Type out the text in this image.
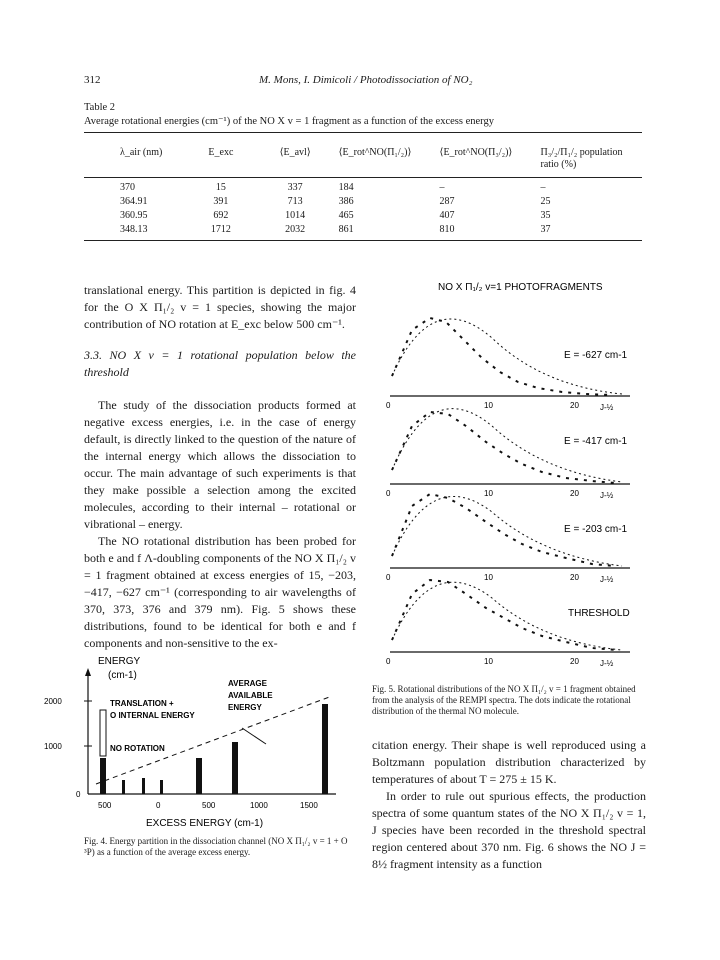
312	M. Mons, I. Dimicoli / Photodissociation of NO₂
Table 2
Average rotational energies (cm⁻¹) of the NO X v = 1 fragment as a function of the excess energy
λ_air (nm)	E_exc	⟨E_avl⟩	⟨E_rot^NO(Π₁/₂)⟩	⟨E_rot^NO(Π₃/₂)⟩	Π₃/₂/Π₁/₂ population ratio (%)
370	15	337	184	–	–
364.91	391	713	386	287	25
360.95	692	1014	465	407	35
348.13	1712	2032	861	810	37

translational energy. This partition is depicted in fig. 4 for the O X Π₁/₂ v = 1 species, showing the major contribution of NO rotation at E_exc below 500 cm⁻¹.

3.3. NO X v = 1 rotational population below the threshold

The study of the dissociation products formed at negative excess energies, i.e. in the case of energy default, is directly linked to the question of the nature of the internal energy which allows the dissociation to occur. The main advantage of such experiments is that they make possible a selection among the excited molecules, according to their internal – rotational or vibrational – energy.

The NO rotational distribution has been probed for both e and f Λ-doubling components of the NO X Π₁/₂ v = 1 fragment obtained at excess energies of 15, −203, −417, −627 cm⁻¹ (corresponding to air wavelengths of 370, 373, 376 and 379 nm). Fig. 5 shows these distributions, found to be identical for both e and f components and non-sensitive to the ex-

ENERGY
(cm-1)
2000
1000
0
TRANSLATION +
O INTERNAL ENERGY
NO ROTATION
AVERAGE
AVAILABLE
ENERGY
500	0	500	1000	1500
EXCESS ENERGY (cm-1)
Fig. 4. Energy partition in the dissociation channel (NO X Π₁/₂ v = 1 + O ³P) as a function of the average excess energy.
NO X Π₁/₂ v=1 PHOTOFRAGMENTS
E = -627 cm-1
0	10	20	J-½
E = -417 cm-1
0	10	20	J-½
E = -203 cm-1
0	10	20	J-½
THRESHOLD
0	10	20	J-½
Fig. 5. Rotational distributions of the NO X Π₁/₂ v = 1 fragment obtained from the analysis of the REMPI spectra. The dots indicate the rotational distribution of the thermal NO molecule.

citation energy. Their shape is well reproduced using a Boltzmann population distribution characterized by temperatures of about T = 275 ± 15 K.

In order to rule out spurious effects, the production spectra of some quantum states of the NO X Π₁/₂ v = 1, J species have been recorded in the threshold spectral region centered about 370 nm. Fig. 6 shows the NO J = 8½ fragment intensity as a function
